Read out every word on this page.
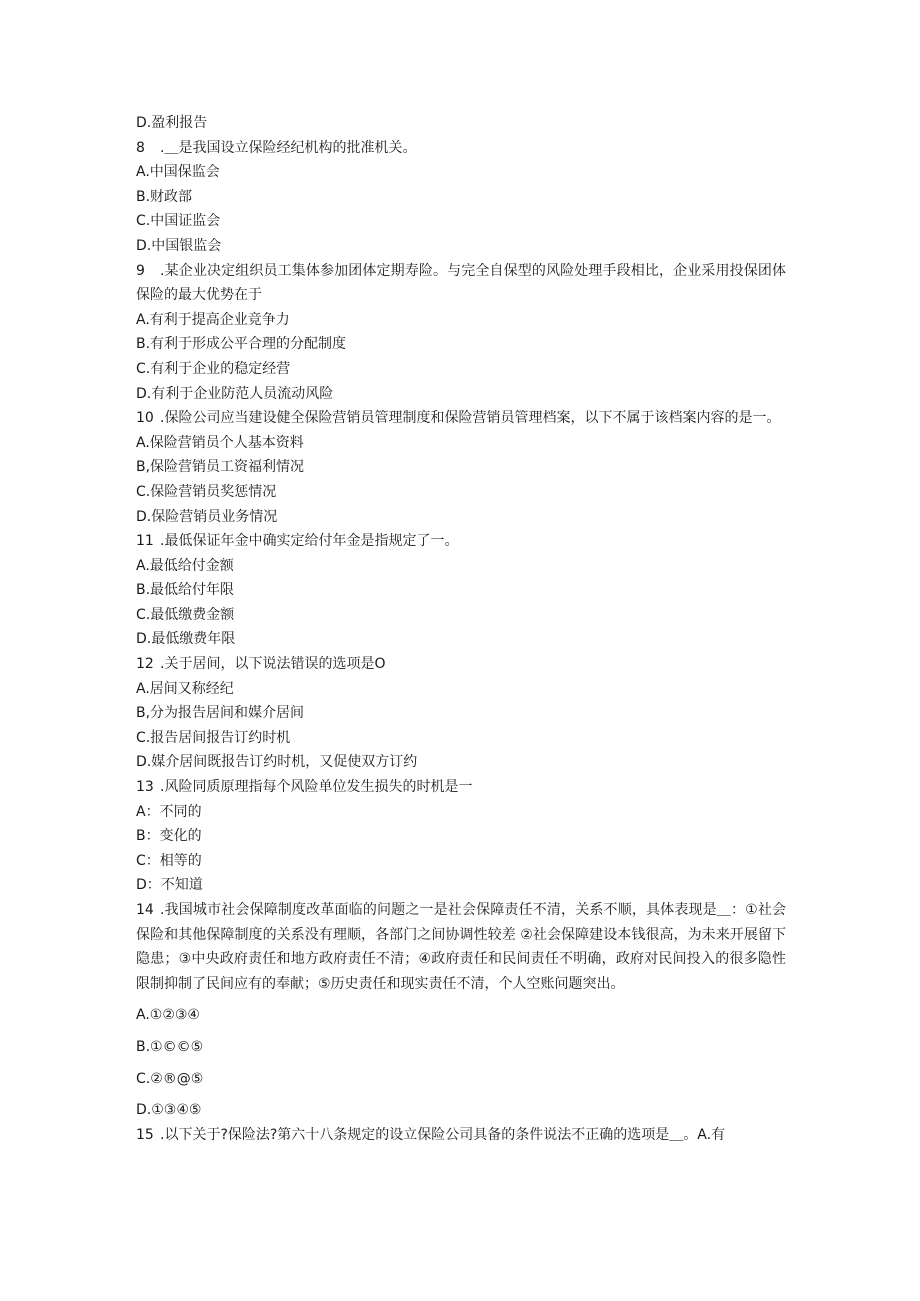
D.盈利报告
8 .＿是我国设立保险经纪机构的批准机关。
A.中国保监会
B.财政部
C.中国证监会
D.中国银监会
9 .某企业决定组织员工集体参加团体定期寿险。与完全自保型的风险处理手段相比，企业采用投保团体保险的最大优势在于
A.有利于提高企业竞争力
B.有利于形成公平合理的分配制度
C.有利于企业的稳定经营
D.有利于企业防范人员流动风险
10 .保险公司应当建设健全保险营销员管理制度和保险营销员管理档案，以下不属于该档案内容的是一。
A.保险营销员个人基本资料
B,保险营销员工资福利情况
C.保险营销员奖惩情况
D.保险营销员业务情况
11 .最低保证年金中确实定给付年金是指规定了一。
A.最低给付金额
B.最低给付年限
C.最低缴费金额
D.最低缴费年限
12 .关于居间，以下说法错误的选项是O
A.居间又称经纪
B,分为报告居间和媒介居间
C.报告居间报告订约时机
D.媒介居间既报告订约时机，又促使双方订约
13 .风险同质原理指每个风险单位发生损失的时机是一
A：不同的
B：变化的
C：相等的
D：不知道
14 .我国城市社会保障制度改革面临的问题之一是社会保障责任不清，关系不顺，具体表现是＿：①社会保险和其他保障制度的关系没有理顺，各部门之间协调性较差 ②社会保障建设本钱很高，为未来开展留下隐患；③中央政府责任和地方政府责任不清；④政府责任和民间责任不明确，政府对民间投入的很多隐性限制抑制了民间应有的奉献；⑤历史责任和现实责任不清，个人空账问题突出。
A.①②③④
B.①©©⑤
C.②®@⑤
D.①③④⑤
15 .以下关于?保险法?第六十八条规定的设立保险公司具备的条件说法不正确的选项是＿。A.有
